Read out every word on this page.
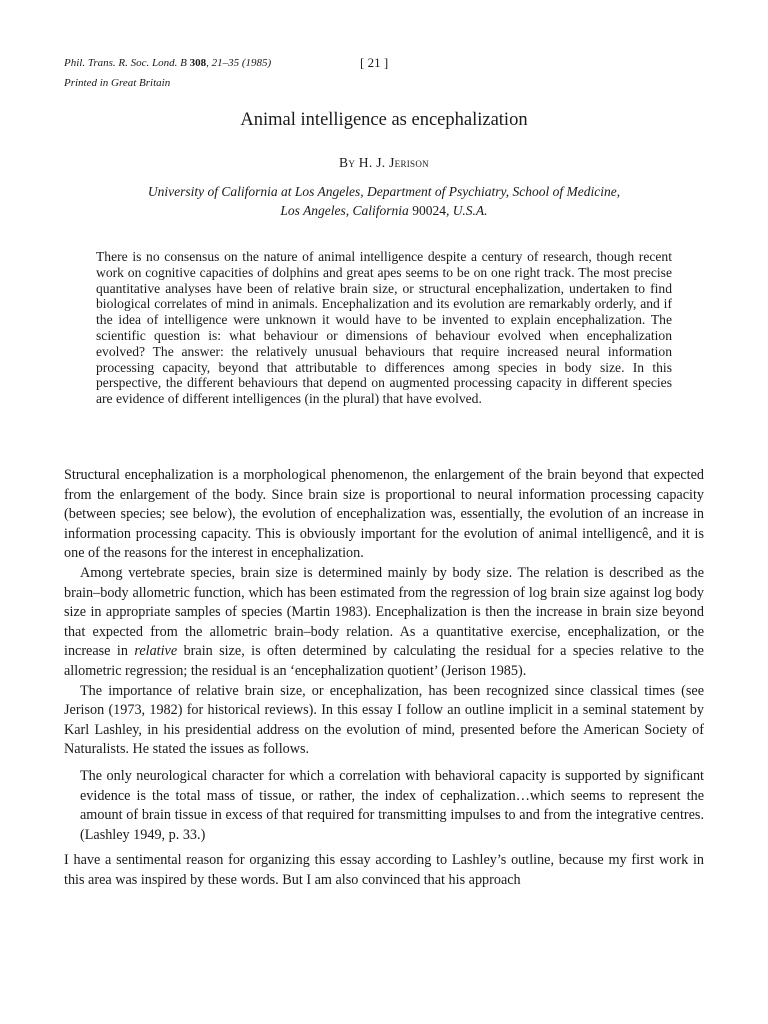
Phil. Trans. R. Soc. Lond. B 308, 21–35 (1985)	[ 21 ]
Printed in Great Britain
Animal intelligence as encephalization
By H. J. Jerison
University of California at Los Angeles, Department of Psychiatry, School of Medicine,
Los Angeles, California 90024, U.S.A.
There is no consensus on the nature of animal intelligence despite a century of research, though recent work on cognitive capacities of dolphins and great apes seems to be on one right track. The most precise quantitative analyses have been of relative brain size, or structural encephalization, undertaken to find biological correlates of mind in animals. Encephalization and its evolution are remarkably orderly, and if the idea of intelligence were unknown it would have to be invented to explain encephalization. The scientific question is: what behaviour or dimensions of behaviour evolved when encephalization evolved? The answer: the relatively unusual behaviours that require increased neural information processing capacity, beyond that attributable to differences among species in body size. In this perspective, the different behaviours that depend on augmented processing capacity in different species are evidence of different intelligences (in the plural) that have evolved.

Structural encephalization is a morphological phenomenon, the enlargement of the brain beyond that expected from the enlargement of the body. Since brain size is proportional to neural information processing capacity (between species; see below), the evolution of encephalization was, essentially, the evolution of an increase in information processing capacity. This is obviously important for the evolution of animal intelligencê, and it is one of the reasons for the interest in encephalization.

Among vertebrate species, brain size is determined mainly by body size. The relation is described as the brain–body allometric function, which has been estimated from the regression of log brain size against log body size in appropriate samples of species (Martin 1983). Encephalization is then the increase in brain size beyond that expected from the allometric brain–body relation. As a quantitative exercise, encephalization, or the increase in relative brain size, is often determined by calculating the residual for a species relative to the allometric regression; the residual is an ‘encephalization quotient’ (Jerison 1985).

The importance of relative brain size, or encephalization, has been recognized since classical times (see Jerison (1973, 1982) for historical reviews). In this essay I follow an outline implicit in a seminal statement by Karl Lashley, in his presidential address on the evolution of mind, presented before the American Society of Naturalists. He stated the issues as follows.

The only neurological character for which a correlation with behavioral capacity is supported by significant evidence is the total mass of tissue, or rather, the index of cephalization…which seems to represent the amount of brain tissue in excess of that required for transmitting impulses to and from the integrative centres. (Lashley 1949, p. 33.)

I have a sentimental reason for organizing this essay according to Lashley’s outline, because my first work in this area was inspired by these words. But I am also convinced that his approach
